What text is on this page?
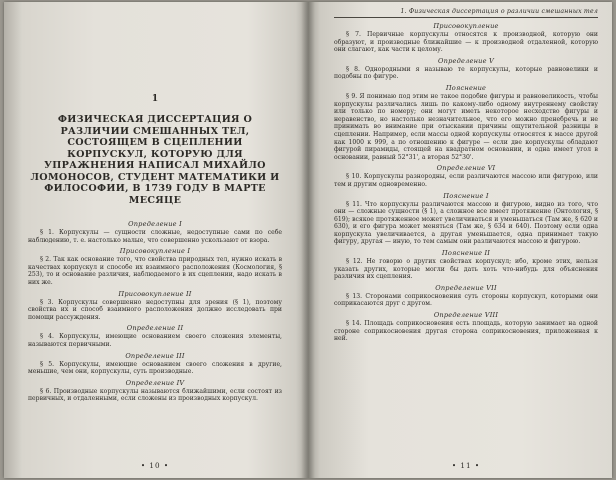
1
ФИЗИЧЕСКАЯ ДИССЕРТАЦИЯ О РАЗЛИЧИИ СМЕШАННЫХ ТЕЛ, СОСТОЯЩЕМ В СЦЕПЛЕНИИ КОРПУСКУЛ, КОТОРУЮ ДЛЯ УПРАЖНЕНИЯ НАПИСАЛ МИХАЙЛО ЛОМОНОСОВ, СТУДЕНТ МАТЕМАТИКИ И ФИЛОСОФИИ, В 1739 ГОДУ В МАРТЕ МЕСЯЦЕ
Определение I

§ 1. Корпускулы — сущности сложные, недоступные сами по себе наблюдению, т. е. настолько малые, что совершенно ускользают от взора.

Присовокупление I

§ 2. Так как основание того, что свойства природных тел, нужно искать в качествах корпускул и способе их взаимного расположения (Космология, § 253), то и основание различия, наблюдаемого в их сцеплении, надо искать в них же.

Присовокупление II

§ 3. Корпускулы совершенно недоступны для зрения (§ 1), поэтому свойства их и способ взаимного расположения должно исследовать при помощи рассуждения.

Определение II

§ 4. Корпускулы, имеющие основанием своего сложения элементы, называются первичными.

Определение III

§ 5. Корпускулы, имеющие основанием своего сложения в другие, меньшие, чем они, корпускулы, суть производные.

Определение IV

§ 6. Производные корпускулы называются ближайшими, если состоят из первичных, и отдаленными, если сложены из производных корпускул.

• 10 •
1. Физическая диссертация о различии смешанных тел
Присовокупление

§ 7. Первичные корпускулы относятся к производной, которую они образуют, и производные ближайшие — к производной отдаленной, которую они слагают, как части к целому.

Определение V

§ 8. Однородными я называю те корпускулы, которые равновелики и подобны по фигуре.

Пояснение

§ 9. Я понимаю под этим не такое подобие фигуры и равновеликость, чтобы корпускулы различались лишь по какому-либо одному внутреннему свойству или только по номеру; они могут иметь некоторое несходство фигуры и неравенство, но настолько незначительное, что его можно пренебречь и не принимать во внимание при отыскании причины ощутительной разницы в сцеплении. Например, если массы одной корпускулы относятся к массе другой как 1000 к 999, а по отношению к фигуре — если две корпускулы обладают фигурой пирамиды, стоящей на квадратном основании, и одна имеет угол в основании, равный 52°31', а вторая 52°30'.

Определение VI

§ 10. Корпускулы разнородны, если различаются массою или фигурою, или тем и другим одновременно.

Пояснение I

§ 11. Что корпускулы различаются массою и фигурою, видно из того, что они — сложные сущности (§ 1), а сложное все имеет протяжение (Онтология, § 619); всякое протяженное может увеличиваться и уменьшаться (Там же, § 620 и 630), и его фигура может меняться (Там же, § 634 и 640). Поэтому если одна корпускула увеличивается, а другая уменьшается, одна принимает такую фигуру, другая — иную, то тем самым они различаются массою и фигурою.

Пояснение II

§ 12. Не говорю о других свойствах корпускул; ибо, кроме этих, нельзя указать других, которые могли бы дать хоть что-нибудь для объяснения различия их сцепления.

Определение VII

§ 13. Сторонами соприкосновения суть стороны корпускул, которыми они соприкасаются друг с другом.

Определение VIII

§ 14. Площадь соприкосновения есть площадь, которую занимает на одной стороне соприкосновения другая сторона соприкосновения, приложенная к ней.

• 11 •
